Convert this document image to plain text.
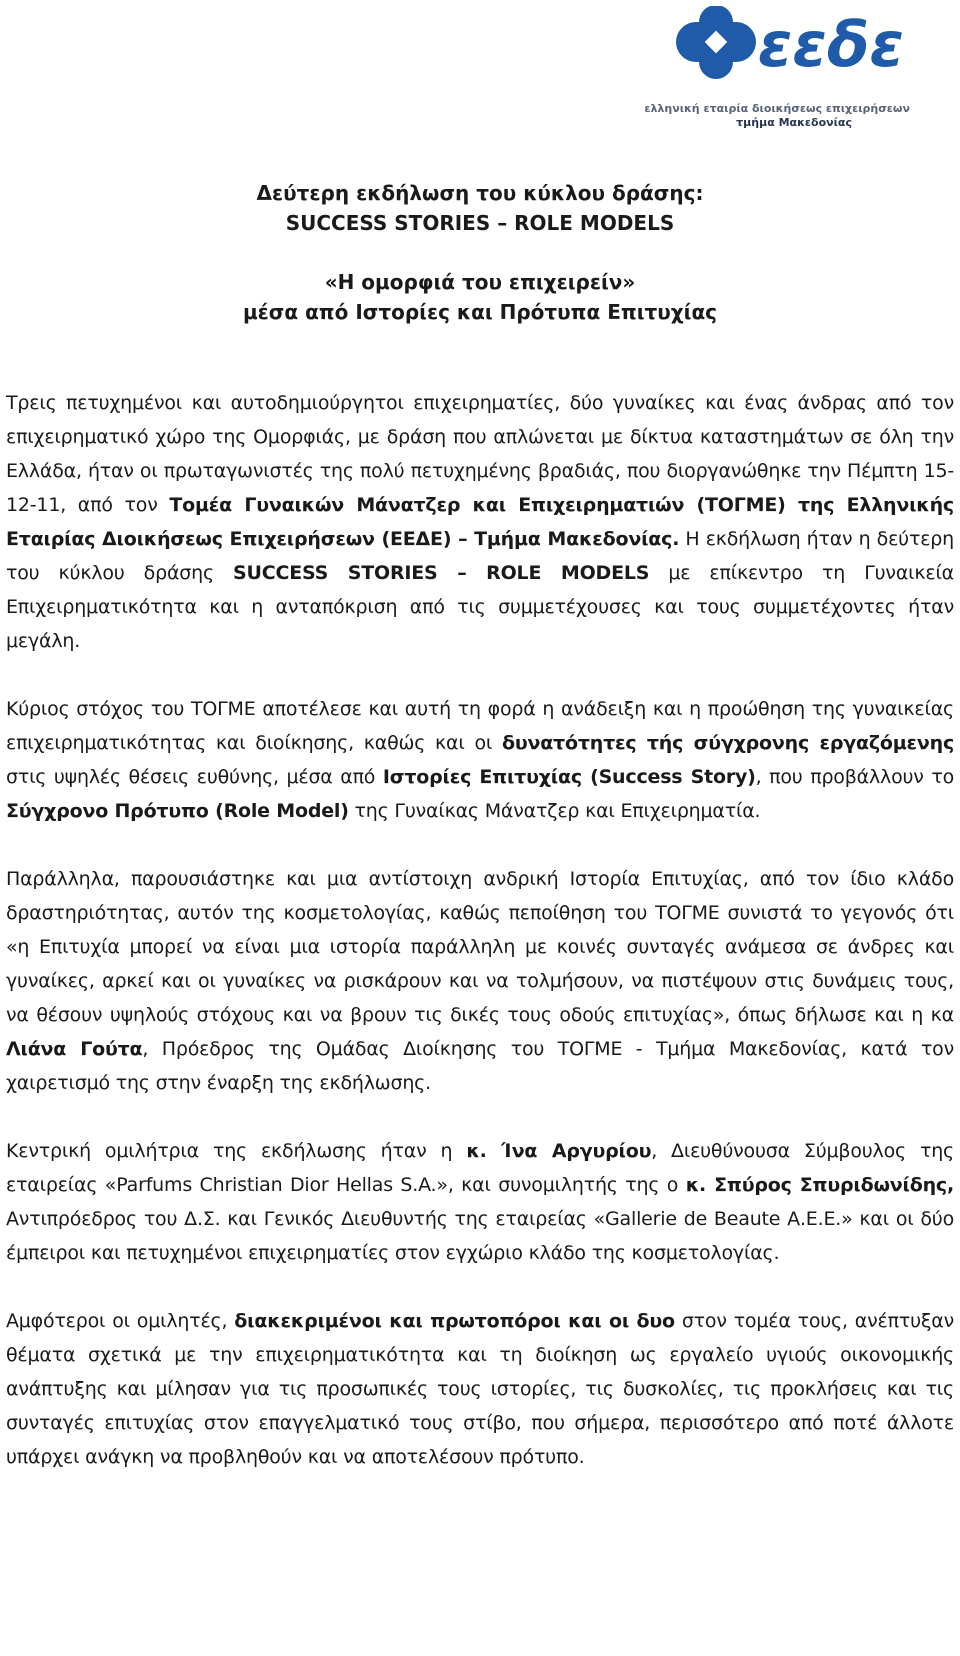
εεδε
ελληνική εταιρία διοικήσεως επιχειρήσεων
τμήμα Μακεδονίας
Δεύτερη εκδήλωση του κύκλου δράσης:
SUCCESS STORIES – ROLE MODELS
«Η ομορφιά του επιχειρείν»
μέσα από Ιστορίες και Πρότυπα Επιτυχίας

Τρεις πετυχημένοι και αυτοδημιούργητοι επιχειρηματίες, δύο γυναίκες και ένας άνδρας από τον επιχειρηματικό χώρο της Ομορφιάς, με δράση που απλώνεται με δίκτυα καταστημάτων σε όλη την Ελλάδα, ήταν οι πρωταγωνιστές της πολύ πετυχημένης βραδιάς, που διοργανώθηκε την Πέμπτη 15-12-11, από τον Τομέα Γυναικών Μάνατζερ και Επιχειρηματιών (ΤΟΓΜΕ) της Ελληνικής Εταιρίας Διοικήσεως Επιχειρήσεων (ΕΕΔΕ) – Τμήμα Μακεδονίας. Η εκδήλωση ήταν η δεύτερη του κύκλου δράσης SUCCESS STORIES – ROLE MODELS με επίκεντρο τη Γυναικεία Επιχειρηματικότητα και η ανταπόκριση από τις συμμετέχουσες και τους συμμετέχοντες ήταν μεγάλη.

Κύριος στόχος του ΤΟΓΜΕ αποτέλεσε και αυτή τη φορά η ανάδειξη και η προώθηση της γυναικείας επιχειρηματικότητας και διοίκησης, καθώς και οι δυνατότητες τής σύγχρονης εργαζόμενης στις υψηλές θέσεις ευθύνης, μέσα από Ιστορίες Επιτυχίας (Success Story), που προβάλλουν το Σύγχρονο Πρότυπο (Role Model) της Γυναίκας Μάνατζερ και Επιχειρηματία.

Παράλληλα, παρουσιάστηκε και μια αντίστοιχη ανδρική Ιστορία Επιτυχίας, από τον ίδιο κλάδο δραστηριότητας, αυτόν της κοσμετολογίας, καθώς πεποίθηση του ΤΟΓΜΕ συνιστά το γεγονός ότι «η Επιτυχία μπορεί να είναι μια ιστορία παράλληλη με κοινές συνταγές ανάμεσα σε άνδρες και γυναίκες, αρκεί και οι γυναίκες να ρισκάρουν και να τολμήσουν, να πιστέψουν στις δυνάμεις τους, να θέσουν υψηλούς στόχους και να βρουν τις δικές τους οδούς επιτυχίας», όπως δήλωσε και η κα Λιάνα Γούτα, Πρόεδρος της Ομάδας Διοίκησης του ΤΟΓΜΕ - Τμήμα Μακεδονίας, κατά τον χαιρετισμό της στην έναρξη της εκδήλωσης.

Κεντρική ομιλήτρια της εκδήλωσης ήταν η κ. Ίνα Αργυρίου, Διευθύνουσα Σύμβουλος της εταιρείας «Parfums Christian Dior Hellas S.A.», και συνομιλητής της ο κ. Σπύρος Σπυριδωνίδης, Αντιπρόεδρος του Δ.Σ. και Γενικός Διευθυντής της εταιρείας «Gallerie de Beaute Α.Ε.Ε.» και οι δύο έμπειροι και πετυχημένοι επιχειρηματίες στον εγχώριο κλάδο της κοσμετολογίας.

Αμφότεροι οι ομιλητές, διακεκριμένοι και πρωτοπόροι και οι δυο στον τομέα τους, ανέπτυξαν θέματα σχετικά με την επιχειρηματικότητα και τη διοίκηση ως εργαλείο υγιούς οικονομικής ανάπτυξης και μίλησαν για τις προσωπικές τους ιστορίες, τις δυσκολίες, τις προκλήσεις και τις συνταγές επιτυχίας στον επαγγελματικό τους στίβο, που σήμερα, περισσότερο από ποτέ άλλοτε υπάρχει ανάγκη να προβληθούν και να αποτελέσουν πρότυπο.
